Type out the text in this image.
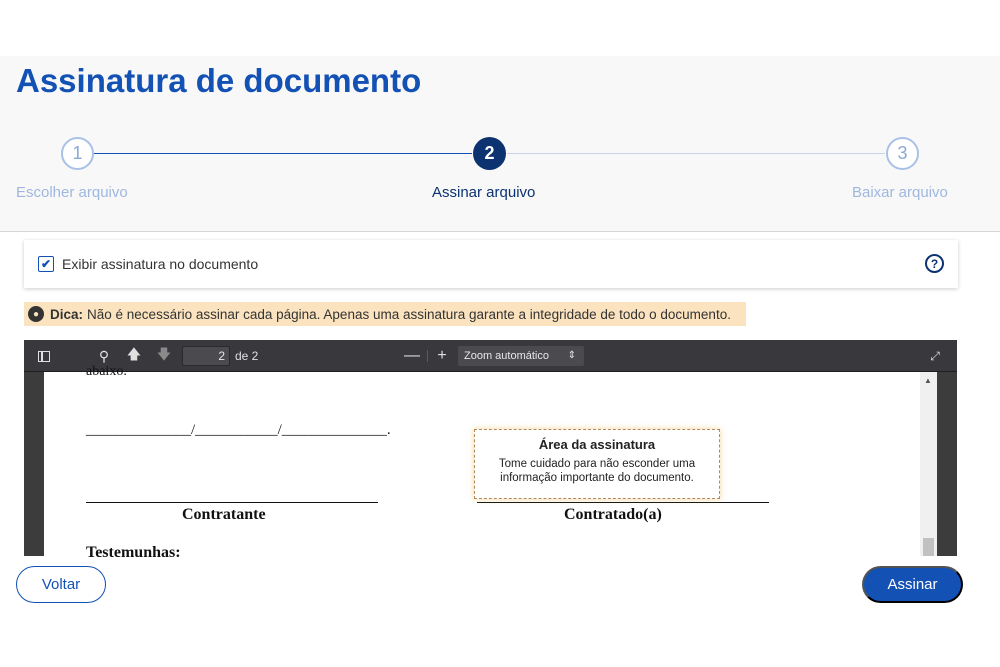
Assinatura de documento
1	2	3
Escolher arquivo	Assinar arquivo	Baixar arquivo
✔ Exibir assinatura no documento	?
● Dica: Não é necessário assinar cada página. Apenas uma assinatura garante a integridade de todo o documento.
⚲ 🡅 🡇	2 de 2	— +	Zoom automático ⇕	⤢
abaixo.
______________/___________/______________.
Contratante	Contratado(a)
Testemunhas:
Área da assinatura
Tome cuidado para não esconder uma informação importante do documento.
▲
Voltar	Assinar
